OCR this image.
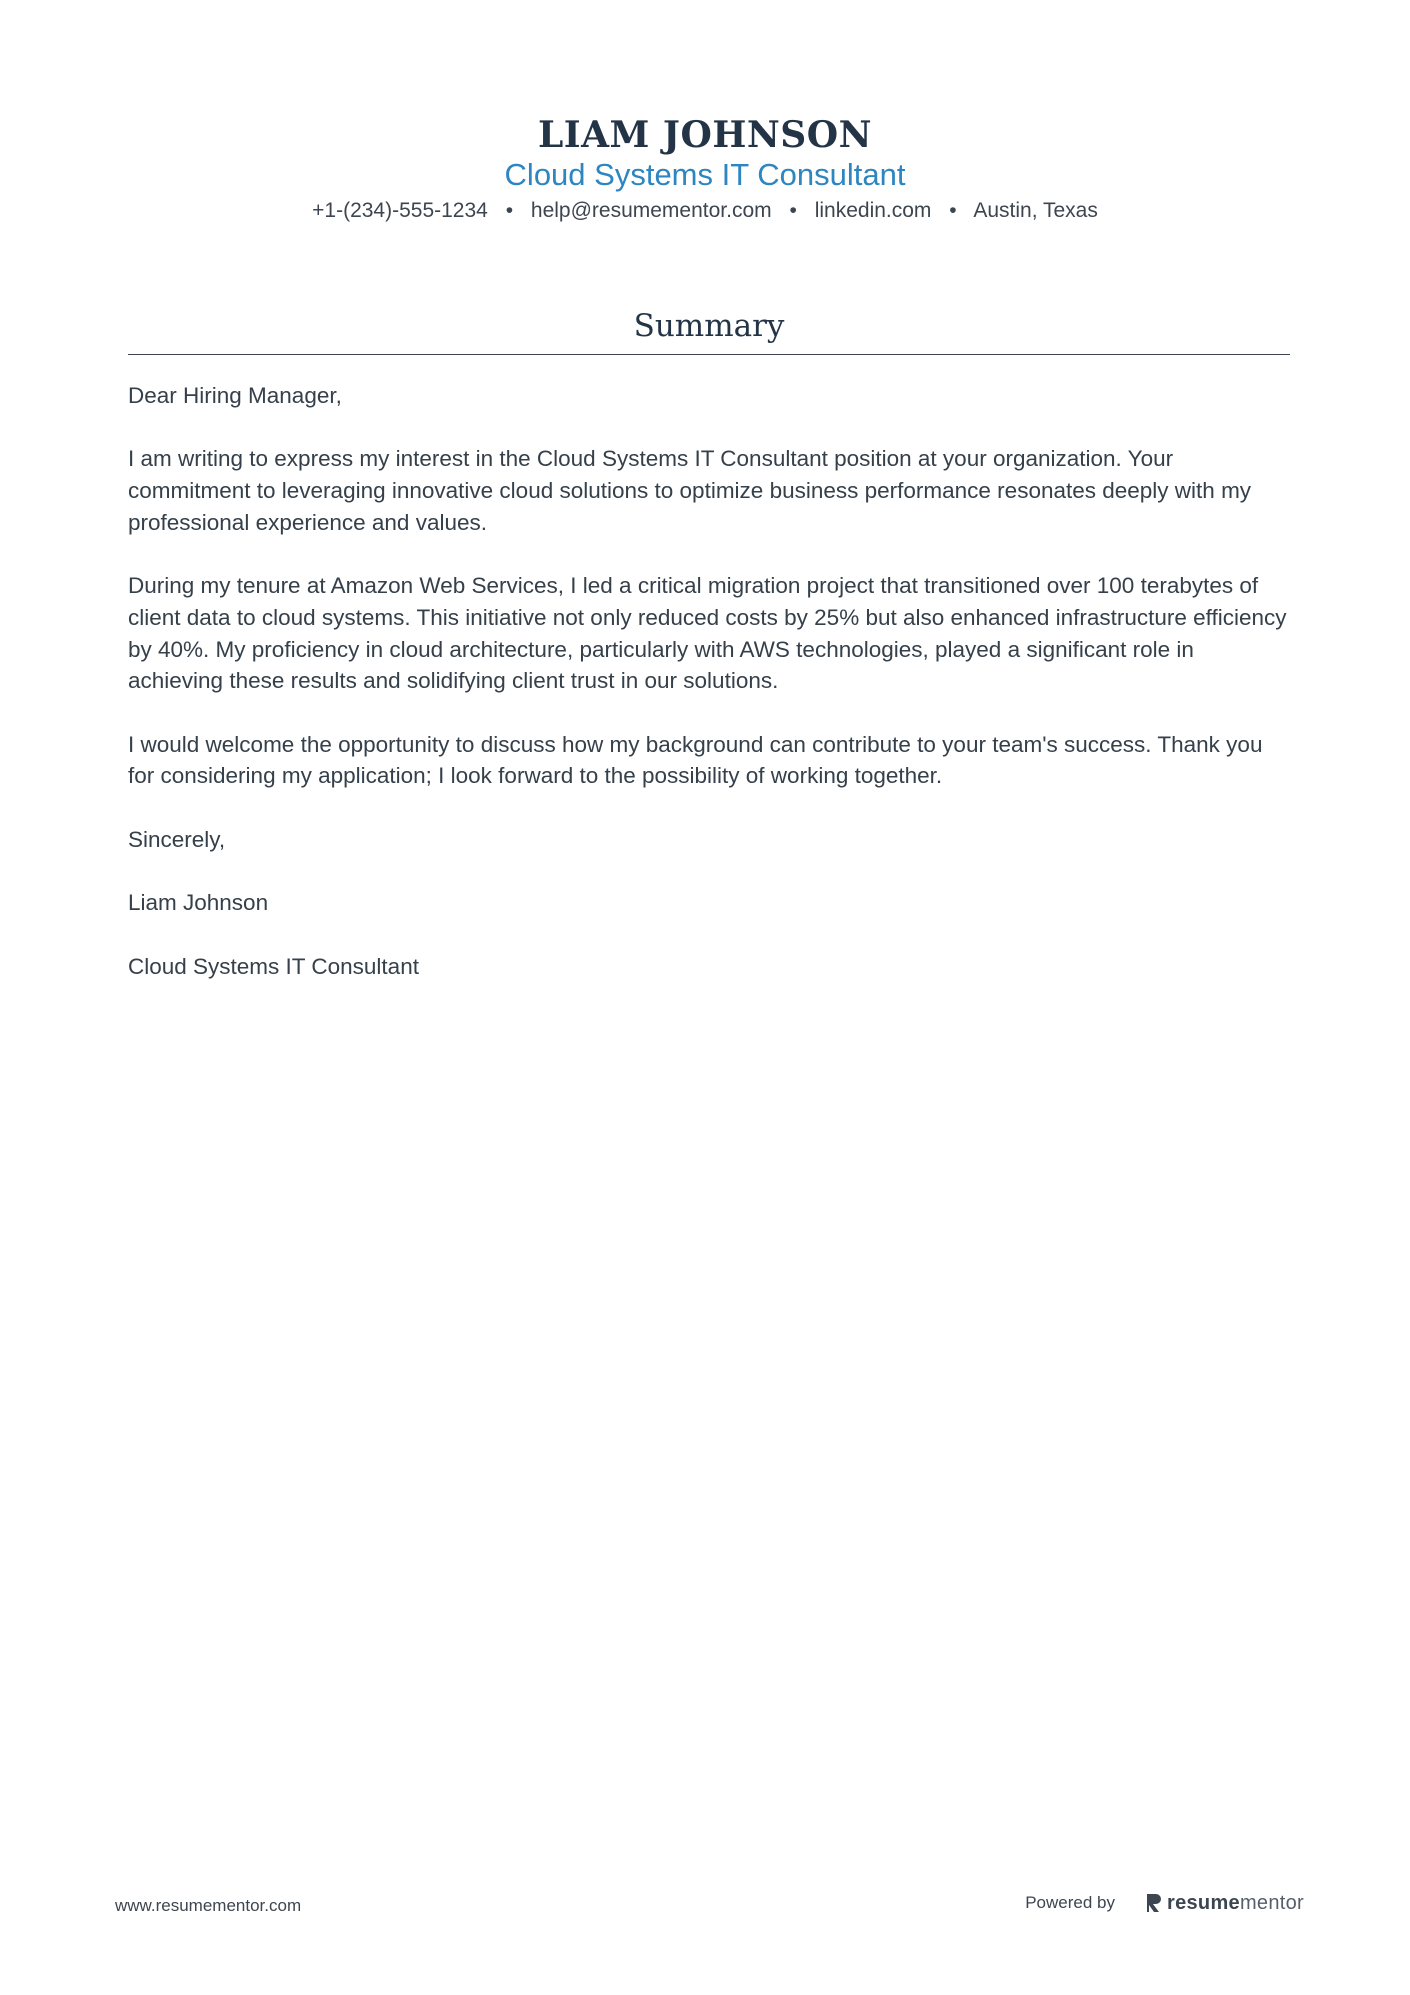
LIAM JOHNSON
Cloud Systems IT Consultant
+1-(234)-555-1234 • help@resumementor.com • linkedin.com • Austin, Texas
Summary

Dear Hiring Manager,

I am writing to express my interest in the Cloud Systems IT Consultant position at your organization. Your commitment to leveraging innovative cloud solutions to optimize business performance resonates deeply with my professional experience and values.

During my tenure at Amazon Web Services, I led a critical migration project that transitioned over 100 terabytes of client data to cloud systems. This initiative not only reduced costs by 25% but also enhanced infrastructure efficiency by 40%. My proficiency in cloud architecture, particularly with AWS technologies, played a significant role in achieving these results and solidifying client trust in our solutions.

I would welcome the opportunity to discuss how my background can contribute to your team's success. Thank you for considering my application; I look forward to the possibility of working together.

Sincerely,

Liam Johnson

Cloud Systems IT Consultant

www.resumementor.com	Powered by	resumementor
